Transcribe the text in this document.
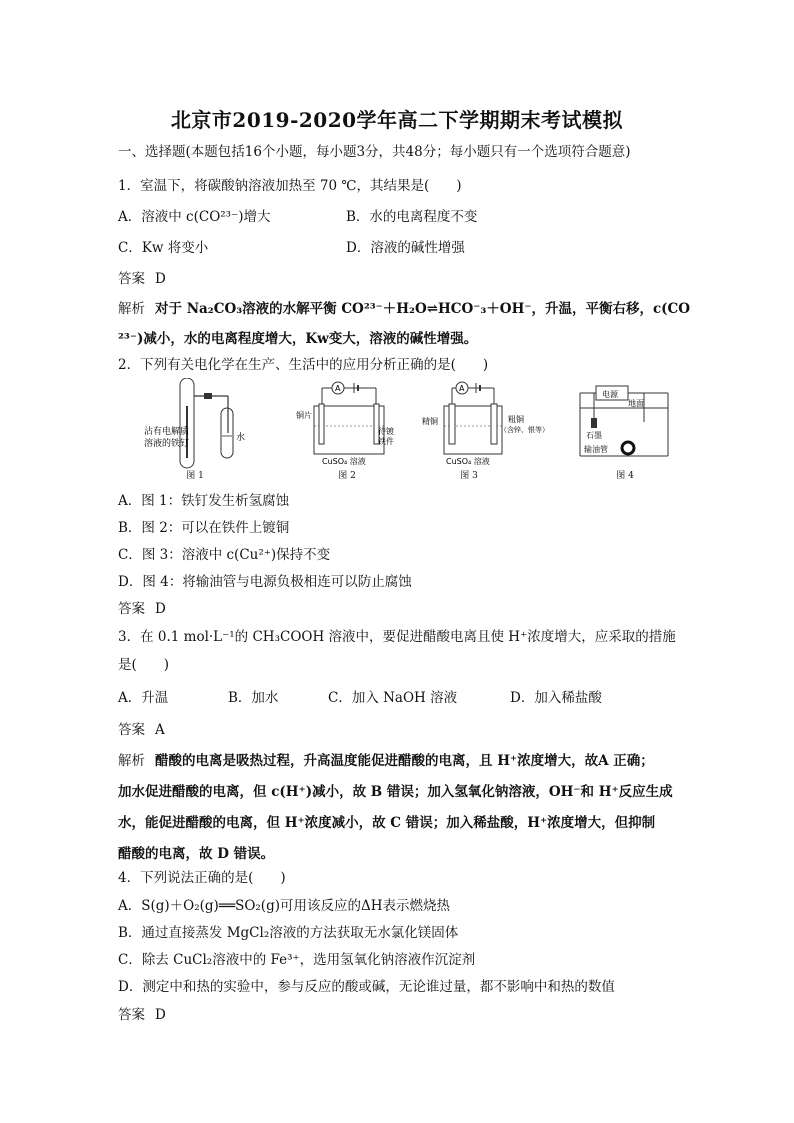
北京市2019-2020学年高二下学期期末考试模拟
一、选择题(本题包括16个小题，每小题3分，共48分；每小题只有一个选项符合题意)
1．室温下，将碳酸钠溶液加热至 70 ℃，其结果是(　　)
A．溶液中 c(CO²³⁻)增大	B．水的电离程度不变
C．Kw 将变小	D．溶液的碱性增强
答案 D
解析 对于 Na₂CO₃溶液的水解平衡 CO²³⁻＋H₂O⇌HCO⁻₃＋OH⁻，升温，平衡右移，c(CO
²³⁻)减小，水的电离程度增大，Kw变大，溶液的碱性增强。
2．下列有关电化学在生产、生活中的应用分析正确的是(　　)
沾有电解质
溶液的铁钉
水
图 1
A
铜片
待镀
铁件
CuSO₄ 溶液
图 2
A
精铜	粗铜
（含锌、银等）
CuSO₄ 溶液
图 3
电源
地面
石墨
输油管
图 4
A．图 1：铁钉发生析氢腐蚀
B．图 2：可以在铁件上镀铜
C．图 3：溶液中 c(Cu²⁺)保持不变
D．图 4：将输油管与电源负极相连可以防止腐蚀
答案 D
3．在 0.1 mol·L⁻¹的 CH₃COOH 溶液中，要促进醋酸电离且使 H⁺浓度增大，应采取的措施
是(　　)
A．升温	B．加水	C．加入 NaOH 溶液	D．加入稀盐酸
答案 A
解析 醋酸的电离是吸热过程，升高温度能促进醋酸的电离，且 H⁺浓度增大，故A 正确；
加水促进醋酸的电离，但 c(H⁺)减小，故 B 错误；加入氢氧化钠溶液，OH⁻和 H⁺反应生成
水，能促进醋酸的电离，但 H⁺浓度减小，故 C 错误；加入稀盐酸，H⁺浓度增大，但抑制
醋酸的电离，故 D 错误。
4．下列说法正确的是(　　)
A．S(g)＋O₂(g)══SO₂(g)可用该反应的ΔH表示燃烧热
B．通过直接蒸发 MgCl₂溶液的方法获取无水氯化镁固体
C．除去 CuCl₂溶液中的 Fe³⁺，选用氢氧化钠溶液作沉淀剂
D．测定中和热的实验中，参与反应的酸或碱，无论谁过量，都不影响中和热的数值
答案 D
